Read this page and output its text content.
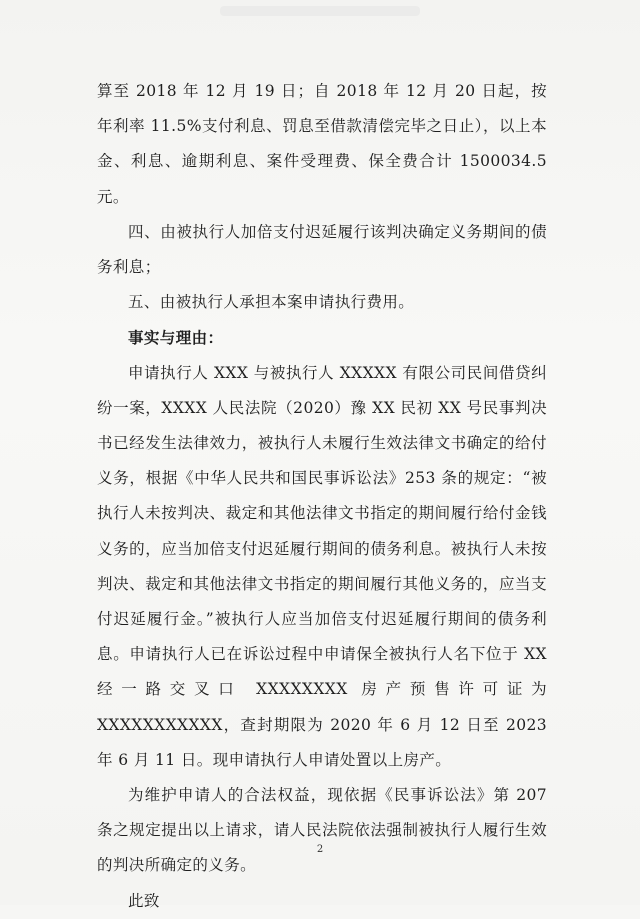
算至 2018 年 12 月 19 日；自 2018 年 12 月 20 日起，按年利率 11.5%支付利息、罚息至借款清偿完毕之日止），以上本金、利息、逾期利息、案件受理费、保全费合计 1500034.5 元。

四、由被执行人加倍支付迟延履行该判决确定义务期间的债务利息；

五、由被执行人承担本案申请执行费用。

事实与理由：

申请执行人 XXX 与被执行人 XXXXX 有限公司民间借贷纠纷一案，XXXX 人民法院（2020）豫 XX 民初 XX 号民事判决书已经发生法律效力，被执行人未履行生效法律文书确定的给付义务，根据《中华人民共和国民事诉讼法》253 条的规定：“被执行人未按判决、裁定和其他法律文书指定的期间履行给付金钱义务的，应当加倍支付迟延履行期间的债务利息。被执行人未按判决、裁定和其他法律文书指定的期间履行其他义务的，应当支付迟延履行金。”被执行人应当加倍支付迟延履行期间的债务利息。申请执行人已在诉讼过程中申请保全被执行人名下位于 XX 经一路交叉口 XXXXXXXX 房产预售许可证为 XXXXXXXXXXX，查封期限为 2020 年 6 月 12 日至 2023 年 6 月 11 日。现申请执行人申请处置以上房产。

为维护申请人的合法权益，现依据《民事诉讼法》第 207 条之规定提出以上请求，请人民法院依法强制被执行人履行生效的判决所确定的义务。

此致

2
